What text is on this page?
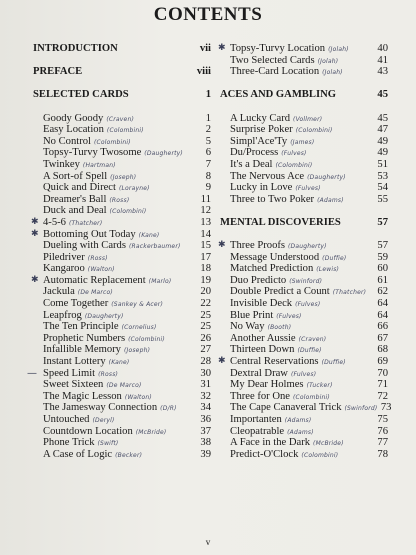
CONTENTS
INTRODUCTION	vii
PREFACE	viii
SELECTED CARDS	1
Goody Goody (Craven)	1
Easy Location (Colombini)	2
No Control (Colombini)	5
Topsy-Turvy Twosome (Daugherty)	6
Twinkey (Hartman)	7
A Sort-of Spell (Joseph)	8
Quick and Direct (Lorayne)	9
Dreamer's Ball (Ross)	11
Duck and Deal (Colombini)	12
✱ 4-5-6 (Thatcher)	13
✱ Bottoming Out Today (Kane)	14
Dueling with Cards (Rackerbaumer)	15
Piledriver (Ross)	17
Kangaroo (Walton)	18
✱ Automatic Replacement (Marlo)	19
Jackula (De Marco)	20
Come Together (Sankey & Acer)	22
Leapfrog (Daugherty)	25
The Ten Principle (Cornelius)	25
Prophetic Numbers (Colombini)	26
Infallible Memory (Joseph)	27
Instant Lottery (Kane)	28
— Speed Limit (Ross)	30
Sweet Sixteen (De Marco)	31
The Magic Lesson (Walton)	32
The Jamesway Connection (D/R)	34
Untouched (Deryl)	36
Countdown Location (McBride)	37
Phone Trick (Swift)	38
A Case of Logic (Becker)	39
✱ Topsy-Turvy Location (Jolah)	40
Two Selected Cards (Jolah)	41
Three-Card Location (Jolah)	43
ACES AND GAMBLING	45
A Lucky Card (Vollmer)	45
Surprise Poker (Colombini)	47
Simpl'Ace'Ty (James)	49
Du/Process (Fulves)	49
It's a Deal (Colombini)	51
The Nervous Ace (Daugherty)	53
Lucky in Love (Fulves)	54
Three to Two Poker (Adams)	55
MENTAL DISCOVERIES	57
✱ Three Proofs (Daugherty)	57
Message Understood (Duffie)	59
Matched Prediction (Lewis)	60
Duo Predicto (Swinford)	61
Double Predict a Count (Thatcher)	62
Invisible Deck (Fulves)	64
Blue Print (Fulves)	64
No Way (Booth)	66
Another Aussie (Craven)	67
Thirteen Down (Duffie)	68
✱ Central Reservations (Duffie)	69
Dextral Draw (Fulves)	70
My Dear Holmes (Tucker)	71
Three for One (Colombini)	72
The Cape Canaveral Trick (Swinford) 73
Importanten (Adams)	75
Cleopatrable (Adams)	76
A Face in the Dark (McBride)	77
Predict-O'Clock (Colombini)	78
v
